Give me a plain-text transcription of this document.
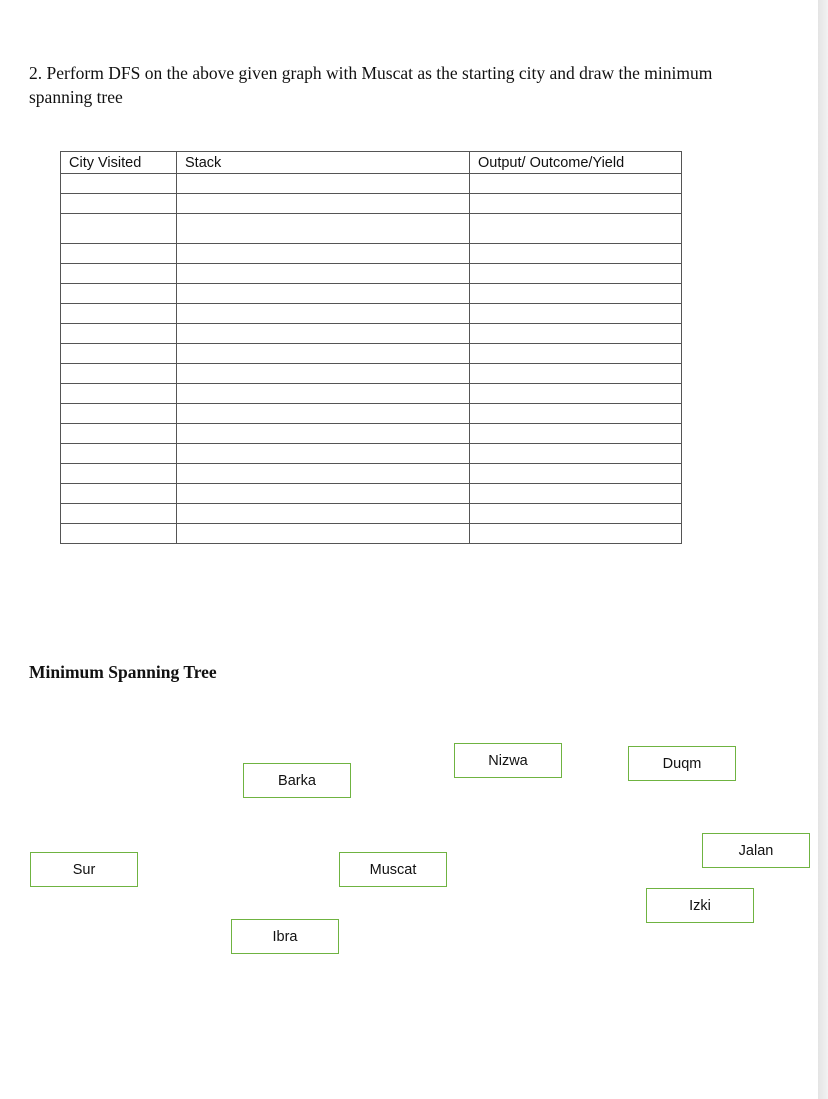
2. Perform DFS on the above given graph with Muscat as the starting city and draw the minimum spanning tree

City Visited	Stack	Output/ Outcome/Yield

Minimum Spanning Tree
Nizwa	Duqm
Barka
Jalan
Sur	Muscat
Izki
Ibra
